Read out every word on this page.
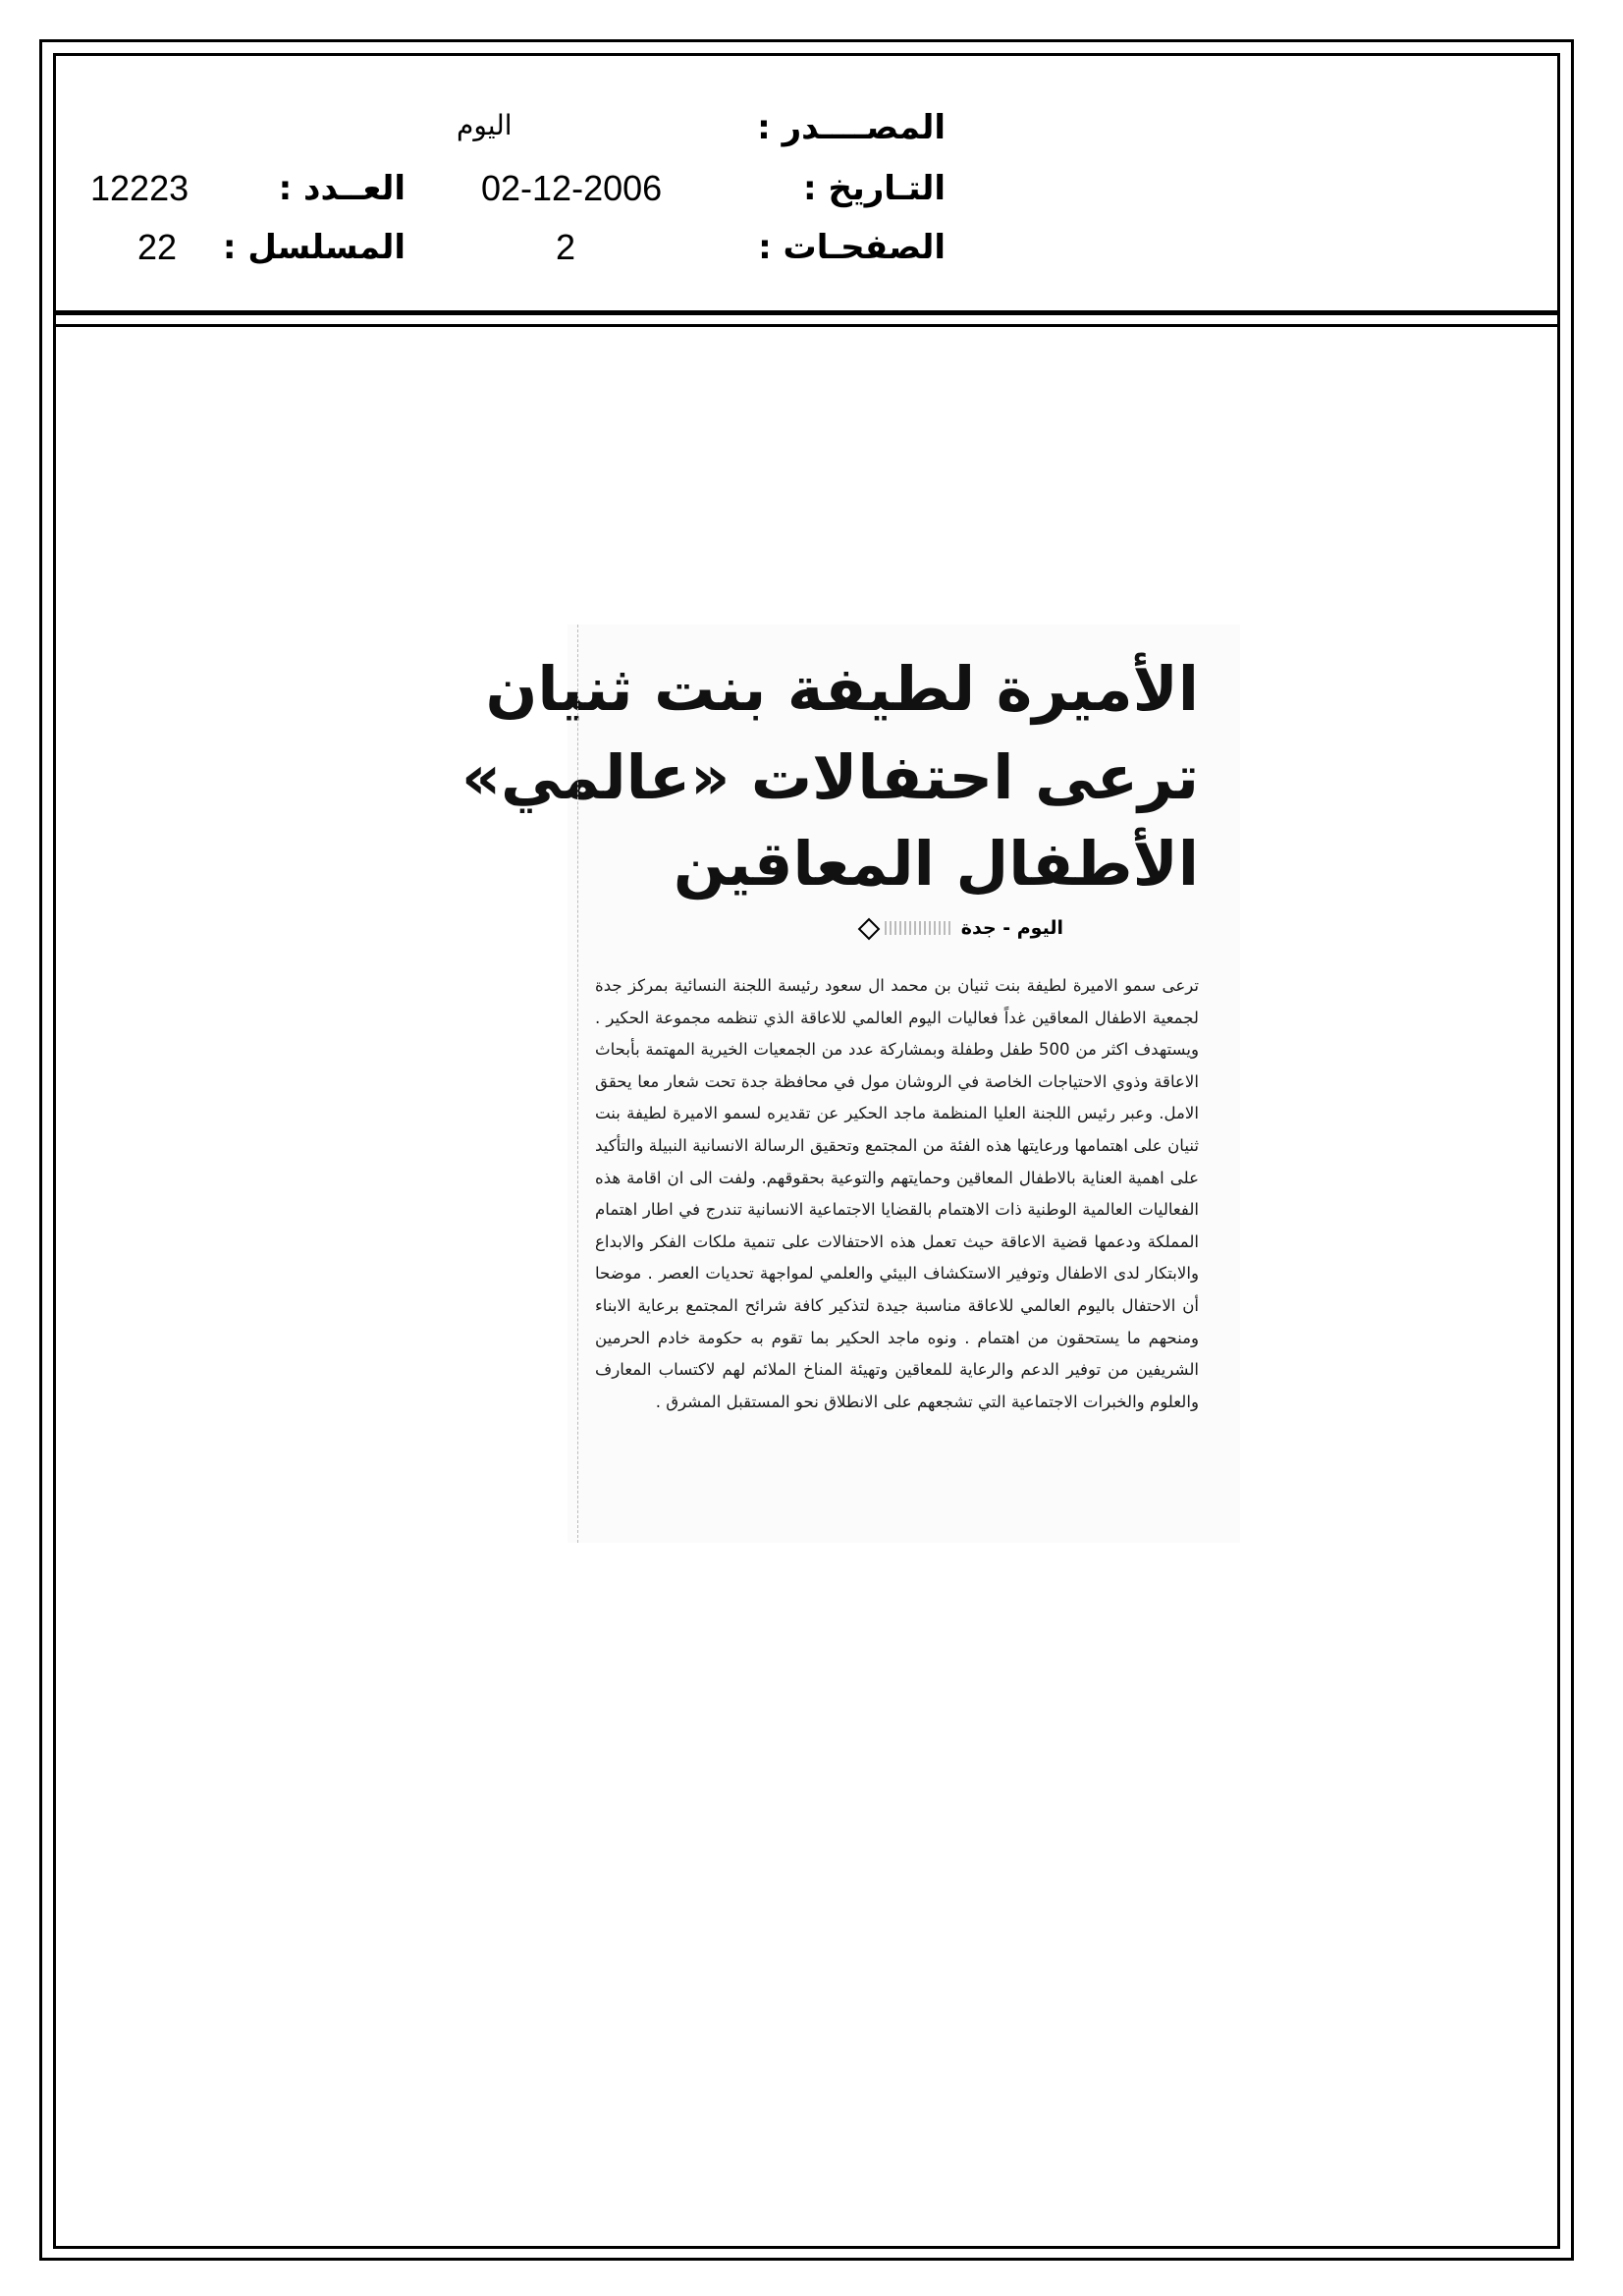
المصــــدر :
اليوم
التـاريخ :
02-12-2006
العــدد :
12223
الصفحـات :
2
المسلسل :
22
الأميرة لطيفة بنت ثنيان
ترعى احتفالات «عالمي»
الأطفال المعاقين
اليوم - جدة
ترعى سمو الاميرة لطيفة بنت ثنيان بن محمد ال سعود رئيسة اللجنة النسائية بمركز جدة لجمعية الاطفال المعاقين غداً فعاليات اليوم العالمي للاعاقة الذي تنظمه مجموعة الحكير . ويستهدف اكثر من 500 طفل وطفلة وبمشاركة عدد من الجمعيات الخيرية المهتمة بأبحاث الاعاقة وذوي الاحتياجات الخاصة في الروشان مول في محافظة جدة تحت شعار معا يحقق الامل. وعبر رئيس اللجنة العليا المنظمة ماجد الحكير عن تقديره لسمو الاميرة لطيفة بنت ثنيان على اهتمامها ورعايتها هذه الفئة من المجتمع وتحقيق الرسالة الانسانية النبيلة والتأكيد على اهمية العناية بالاطفال المعاقين وحمايتهم والتوعية بحقوقهم. ولفت الى ان اقامة هذه الفعاليات العالمية الوطنية ذات الاهتمام بالقضايا الاجتماعية الانسانية تندرج في اطار اهتمام المملكة ودعمها قضية الاعاقة حيث تعمل هذه الاحتفالات على تنمية ملكات الفكر والابداع والابتكار لدى الاطفال وتوفير الاستكشاف البيئي والعلمي لمواجهة تحديات العصر . موضحا أن الاحتفال باليوم العالمي للاعاقة مناسبة جيدة لتذكير كافة شرائح المجتمع برعاية الابناء ومنحهم ما يستحقون من اهتمام . ونوه ماجد الحكير بما تقوم به حكومة خادم الحرمين الشريفين من توفير الدعم والرعاية للمعاقين وتهيئة المناخ الملائم لهم لاكتساب المعارف والعلوم والخبرات الاجتماعية التي تشجعهم على الانطلاق نحو المستقبل المشرق .
